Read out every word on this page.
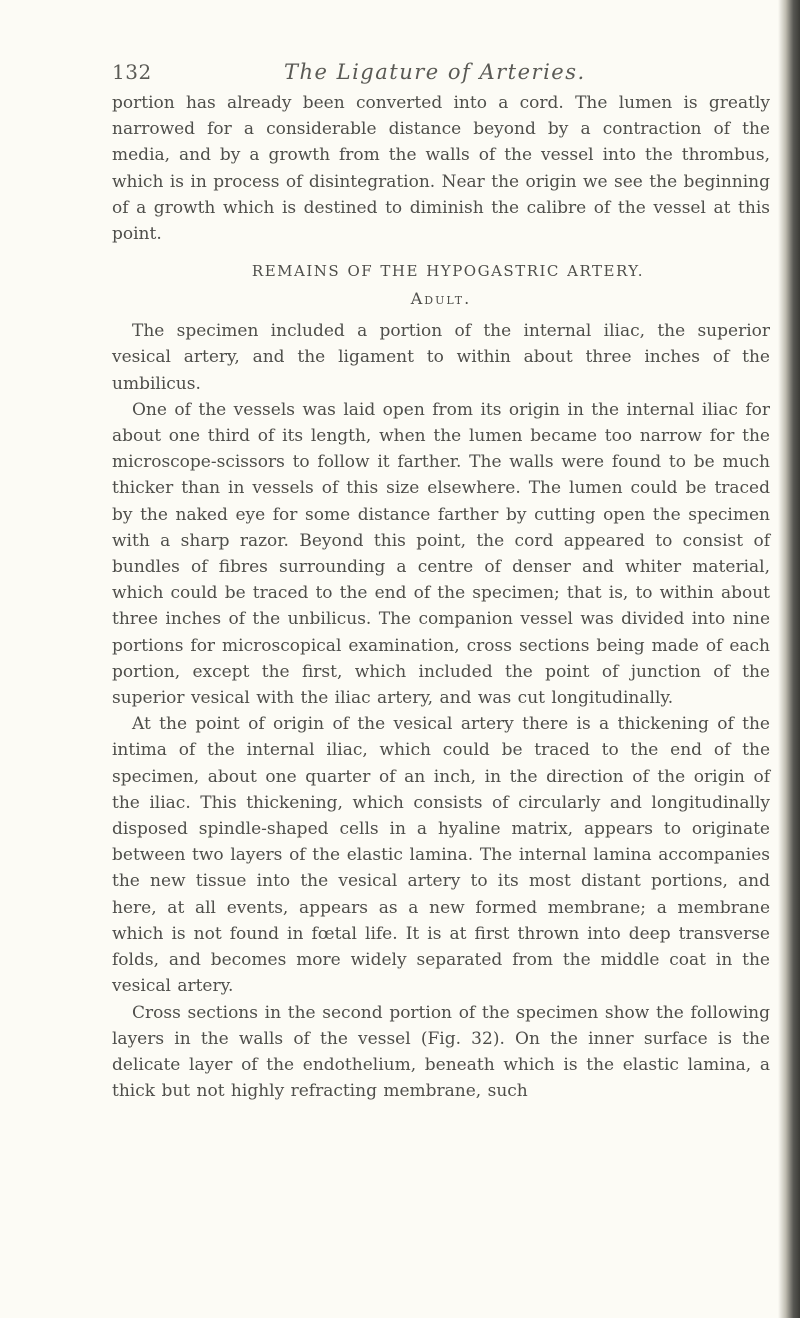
132	The Ligature of Arteries.

portion has already been converted into a cord. The lumen is greatly narrowed for a considerable distance beyond by a contraction of the media, and by a growth from the walls of the vessel into the thrombus, which is in process of disintegration. Near the origin we see the beginning of a growth which is destined to diminish the calibre of the vessel at this point.

REMAINS OF THE HYPOGASTRIC ARTERY.
Adult.

The specimen included a portion of the internal iliac, the superior vesical artery, and the ligament to within about three inches of the umbilicus.

One of the vessels was laid open from its origin in the internal iliac for about one third of its length, when the lumen became too narrow for the microscope-scissors to follow it farther. The walls were found to be much thicker than in vessels of this size elsewhere. The lumen could be traced by the naked eye for some distance farther by cutting open the specimen with a sharp razor. Beyond this point, the cord appeared to consist of bundles of fibres surrounding a centre of denser and whiter material, which could be traced to the end of the specimen; that is, to within about three inches of the unbilicus. The companion vessel was divided into nine portions for microscopical examination, cross sections being made of each portion, except the first, which included the point of junction of the superior vesical with the iliac artery, and was cut longitudinally.

At the point of origin of the vesical artery there is a thickening of the intima of the internal iliac, which could be traced to the end of the specimen, about one quarter of an inch, in the direction of the origin of the iliac. This thickening, which consists of circularly and longitudinally disposed spindle-shaped cells in a hyaline matrix, appears to originate between two layers of the elastic lamina. The internal lamina accompanies the new tissue into the vesical artery to its most distant portions, and here, at all events, appears as a new formed membrane; a membrane which is not found in fœtal life. It is at first thrown into deep transverse folds, and becomes more widely separated from the middle coat in the vesical artery.

Cross sections in the second portion of the specimen show the following layers in the walls of the vessel (Fig. 32). On the inner surface is the delicate layer of the endothelium, beneath which is the elastic lamina, a thick but not highly refracting membrane, such
